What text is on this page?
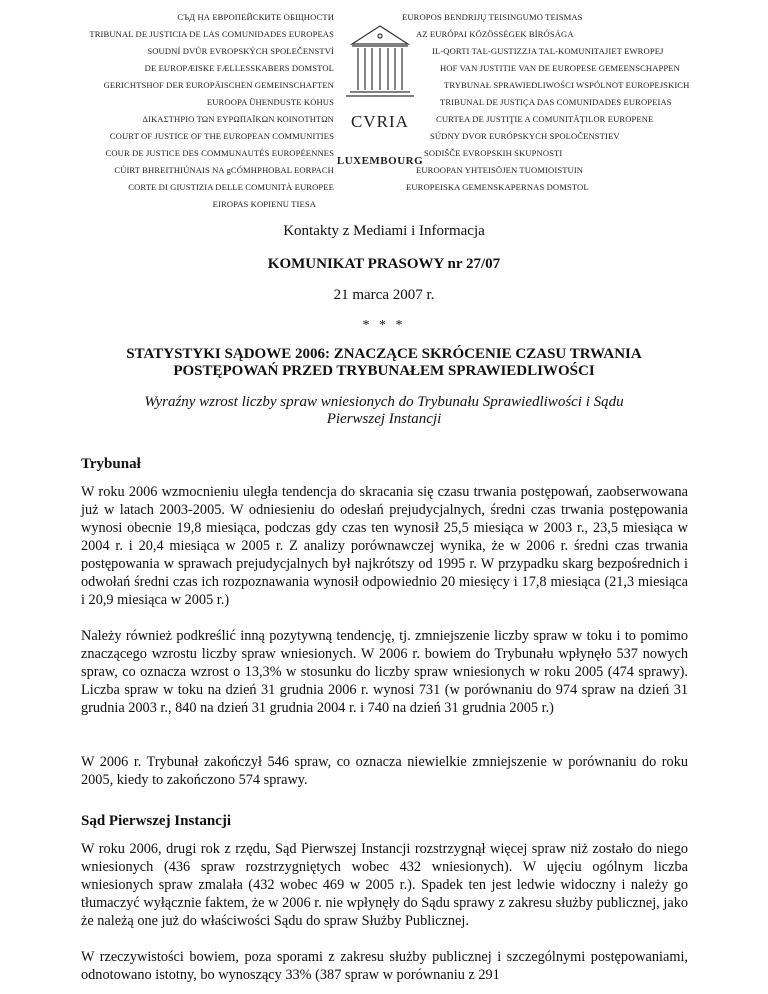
СЪД НА ЕВРОПЕЙСКИТЕ ОБЩНОСТИ
TRIBUNAL DE JUSTICIA DE LAS COMUNIDADES EUROPEAS
SOUDNÍ DVŮR EVROPSKÝCH SPOLEČENSTVÍ
DE EUROPÆISKE FÆLLESSKABERS DOMSTOL
GERICHTSHOF DER EUROPÄISCHEN GEMEINSCHAFTEN
EUROOPA ÜHENDUSTE KOHUS
ΔΙΚΑΣΤΗΡΙΟ ΤΩΝ ΕΥΡΩΠΑΪΚΩΝ ΚΟΙΝΟΤΗΤΩΝ
COURT OF JUSTICE OF THE EUROPEAN COMMUNITIES
COUR DE JUSTICE DES COMMUNAUTÉS EUROPÉENNES
CÚIRT BHREITHIÚNAIS NA gCÓMHPHOBAL EORPACH
CORTE DI GIUSTIZIA DELLE COMUNITÀ EUROPEE
EIROPAS KOPIENU TIESA
CVRIA
LUXEMBOURG
EUROPOS BENDRIJŲ TEISINGUMO TEISMAS
AZ EURÓPAI KÖZÖSSÉGEK BÍRÓSÁGA
IL-QORTI TAL-GUSTIZZJA TAL-KOMUNITAJIET EWROPEJ
HOF VAN JUSTITIE VAN DE EUROPESE GEMEENSCHAPPEN
TRYBUNAŁ SPRAWIEDLIWOŚCI WSPÓLNOT EUROPEJSKICH
TRIBUNAL DE JUSTIÇA DAS COMUNIDADES EUROPEIAS
CURTEA DE JUSTIŢIE A COMUNITĂŢILOR EUROPENE
SÚDNY DVOR EURÓPSKYCH SPOLOČENSTIEV
SODIŠČE EVROPSKIH SKUPNOSTI
EUROOPAN YHTEISÖJEN TUOMIOISTUIN
EUROPEISKA GEMENSKAPERNAS DOMSTOL
Kontakty z Mediami i Informacja
KOMUNIKAT PRASOWY nr 27/07
21 marca 2007 r.
* * *
STATYSTYKI SĄDOWE 2006: ZNACZĄCE SKRÓCENIE CZASU TRWANIA POSTĘPOWAŃ PRZED TRYBUNAŁEM SPRAWIEDLIWOŚCI
Wyraźny wzrost liczby spraw wniesionych do Trybunału Sprawiedliwości i Sądu Pierwszej Instancji
Trybunał

W roku 2006 wzmocnieniu uległa tendencja do skracania się czasu trwania postępowań, zaobserwowana już w latach 2003-2005. W odniesieniu do odesłań prejudycjalnych, średni czas trwania postępowania wynosi obecnie 19,8 miesiąca, podczas gdy czas ten wynosił 25,5 miesiąca w 2003 r., 23,5 miesiąca w 2004 r. i 20,4 miesiąca w 2005 r. Z analizy porównawczej wynika, że w 2006 r. średni czas trwania postępowania w sprawach prejudycjalnych był najkrótszy od 1995 r. W przypadku skarg bezpośrednich i odwołań średni czas ich rozpoznawania wynosił odpowiednio 20 miesięcy i 17,8 miesiąca (21,3 miesiąca i 20,9 miesiąca w 2005 r.)

Należy również podkreślić inną pozytywną tendencję, tj. zmniejszenie liczby spraw w toku i to pomimo znaczącego wzrostu liczby spraw wniesionych. W 2006 r. bowiem do Trybunału wpłynęło 537 nowych spraw, co oznacza wzrost o 13,3% w stosunku do liczby spraw wniesionych w roku 2005 (474 sprawy). Liczba spraw w toku na dzień 31 grudnia 2006 r. wynosi 731 (w porównaniu do 974 spraw na dzień 31 grudnia 2003 r., 840 na dzień 31 grudnia 2004 r. i 740 na dzień 31 grudnia 2005 r.)

W 2006 r. Trybunał zakończył 546 spraw, co oznacza niewielkie zmniejszenie w porównaniu do roku 2005, kiedy to zakończono 574 sprawy.

Sąd Pierwszej Instancji

W roku 2006, drugi rok z rzędu, Sąd Pierwszej Instancji rozstrzygnął więcej spraw niż zostało do niego wniesionych (436 spraw rozstrzygniętych wobec 432 wniesionych). W ujęciu ogólnym liczba wniesionych spraw zmalała (432 wobec 469 w 2005 r.). Spadek ten jest ledwie widoczny i należy go tłumaczyć wyłącznie faktem, że w 2006 r. nie wpłynęły do Sądu sprawy z zakresu służby publicznej, jako że należą one już do właściwości Sądu do spraw Służby Publicznej.

W rzeczywistości bowiem, poza sporami z zakresu służby publicznej i szczególnymi postępowaniami, odnotowano istotny, bo wynoszący 33% (387 spraw w porównaniu z 291
